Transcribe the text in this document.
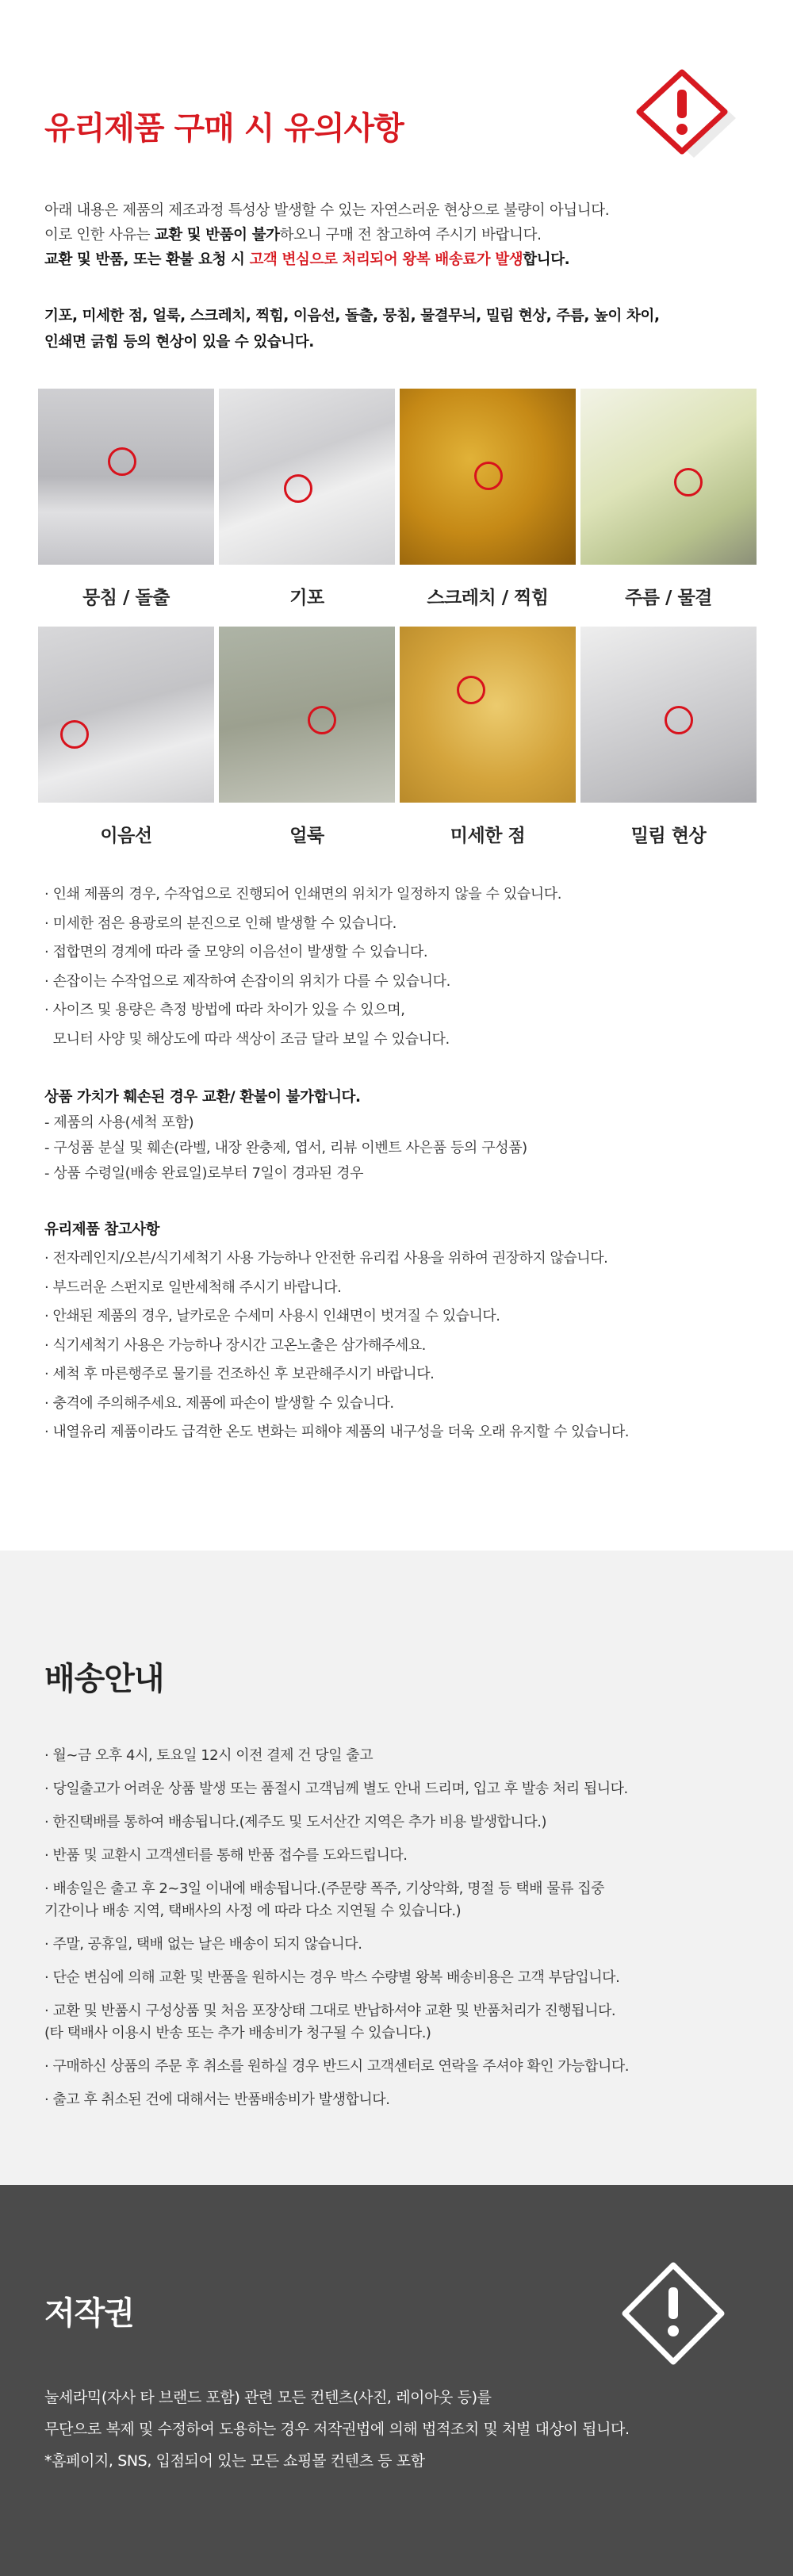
유리제품 구매 시 유의사항
아래 내용은 제품의 제조과정 특성상 발생할 수 있는 자연스러운 현상으로 불량이 아닙니다.
이로 인한 사유는 교환 및 반품이 불가하오니 구매 전 참고하여 주시기 바랍니다.
교환 및 반품, 또는 환불 요청 시 고객 변심으로 처리되어 왕복 배송료가 발생합니다.
기포, 미세한 점, 얼룩, 스크레치, 찍힘, 이음선, 돌출, 뭉침, 물결무늬, 밀림 현상, 주름, 높이 차이,
인쇄면 긁힘 등의 현상이 있을 수 있습니다.
뭉침 / 돌출	기포	스크레치 / 찍힘	주름 / 물결
이음선	얼룩	미세한 점	밀림 현상
· 인쇄 제품의 경우, 수작업으로 진행되어 인쇄면의 위치가 일정하지 않을 수 있습니다.
· 미세한 점은 용광로의 분진으로 인해 발생할 수 있습니다.
· 접합면의 경계에 따라 줄 모양의 이음선이 발생할 수 있습니다.
· 손잡이는 수작업으로 제작하여 손잡이의 위치가 다를 수 있습니다.
· 사이즈 및 용량은 측정 방법에 따라 차이가 있을 수 있으며,
모니터 사양 및 해상도에 따라 색상이 조금 달라 보일 수 있습니다.
상품 가치가 훼손된 경우 교환/ 환불이 불가합니다.
- 제품의 사용(세척 포함)
- 구성품 분실 및 훼손(라벨, 내장 완충제, 엽서, 리뷰 이벤트 사은품 등의 구성품)
- 상품 수령일(배송 완료일)로부터 7일이 경과된 경우
유리제품 참고사항
· 전자레인지/오븐/식기세척기 사용 가능하나 안전한 유리컵 사용을 위하여 권장하지 않습니다.
· 부드러운 스펀지로 일반세척해 주시기 바랍니다.
· 안쇄된 제품의 경우, 날카로운 수세미 사용시 인쇄면이 벗겨질 수 있습니다.
· 식기세척기 사용은 가능하나 장시간 고온노출은 삼가해주세요.
· 세척 후 마른행주로 물기를 건조하신 후 보관해주시기 바랍니다.
· 충격에 주의해주세요. 제품에 파손이 발생할 수 있습니다.
· 내열유리 제품이라도 급격한 온도 변화는 피해야 제품의 내구성을 더욱 오래 유지할 수 있습니다.
배송안내
· 월~금 오후 4시, 토요일 12시 이전 결제 건 당일 출고
· 당일출고가 어려운 상품 발생 또는 품절시 고객님께 별도 안내 드리며, 입고 후 발송 처리 됩니다.
· 한진택배를 통하여 배송됩니다.(제주도 및 도서산간 지역은 추가 비용 발생합니다.)
· 반품 및 교환시 고객센터를 통해 반품 접수를 도와드립니다.
· 배송일은 출고 후 2~3일 이내에 배송됩니다.(주문량 폭주, 기상악화, 명절 등 택배 물류 집중
기간이나 배송 지역, 택배사의 사정 에 따라 다소 지연될 수 있습니다.)
· 주말, 공휴일, 택배 없는 날은 배송이 되지 않습니다.
· 단순 변심에 의해 교환 및 반품을 원하시는 경우 박스 수량별 왕복 배송비용은 고객 부담입니다.
· 교환 및 반품시 구성상품 및 처음 포장상태 그대로 반납하셔야 교환 및 반품처리가 진행됩니다.
(타 택배사 이용시 반송 또는 추가 배송비가 청구될 수 있습니다.)
· 구매하신 상품의 주문 후 취소를 원하실 경우 반드시 고객센터로 연락을 주셔야 확인 가능합니다.
· 출고 후 취소된 건에 대해서는 반품배송비가 발생합니다.
저작권
눌세라믹(자사 타 브랜드 포함) 관련 모든 컨텐츠(사진, 레이아웃 등)를
무단으로 복제 및 수정하여 도용하는 경우 저작권법에 의해 법적조치 및 처벌 대상이 됩니다.
*홈페이지, SNS, 입점되어 있는 모든 쇼핑몰 컨텐츠 등 포함
